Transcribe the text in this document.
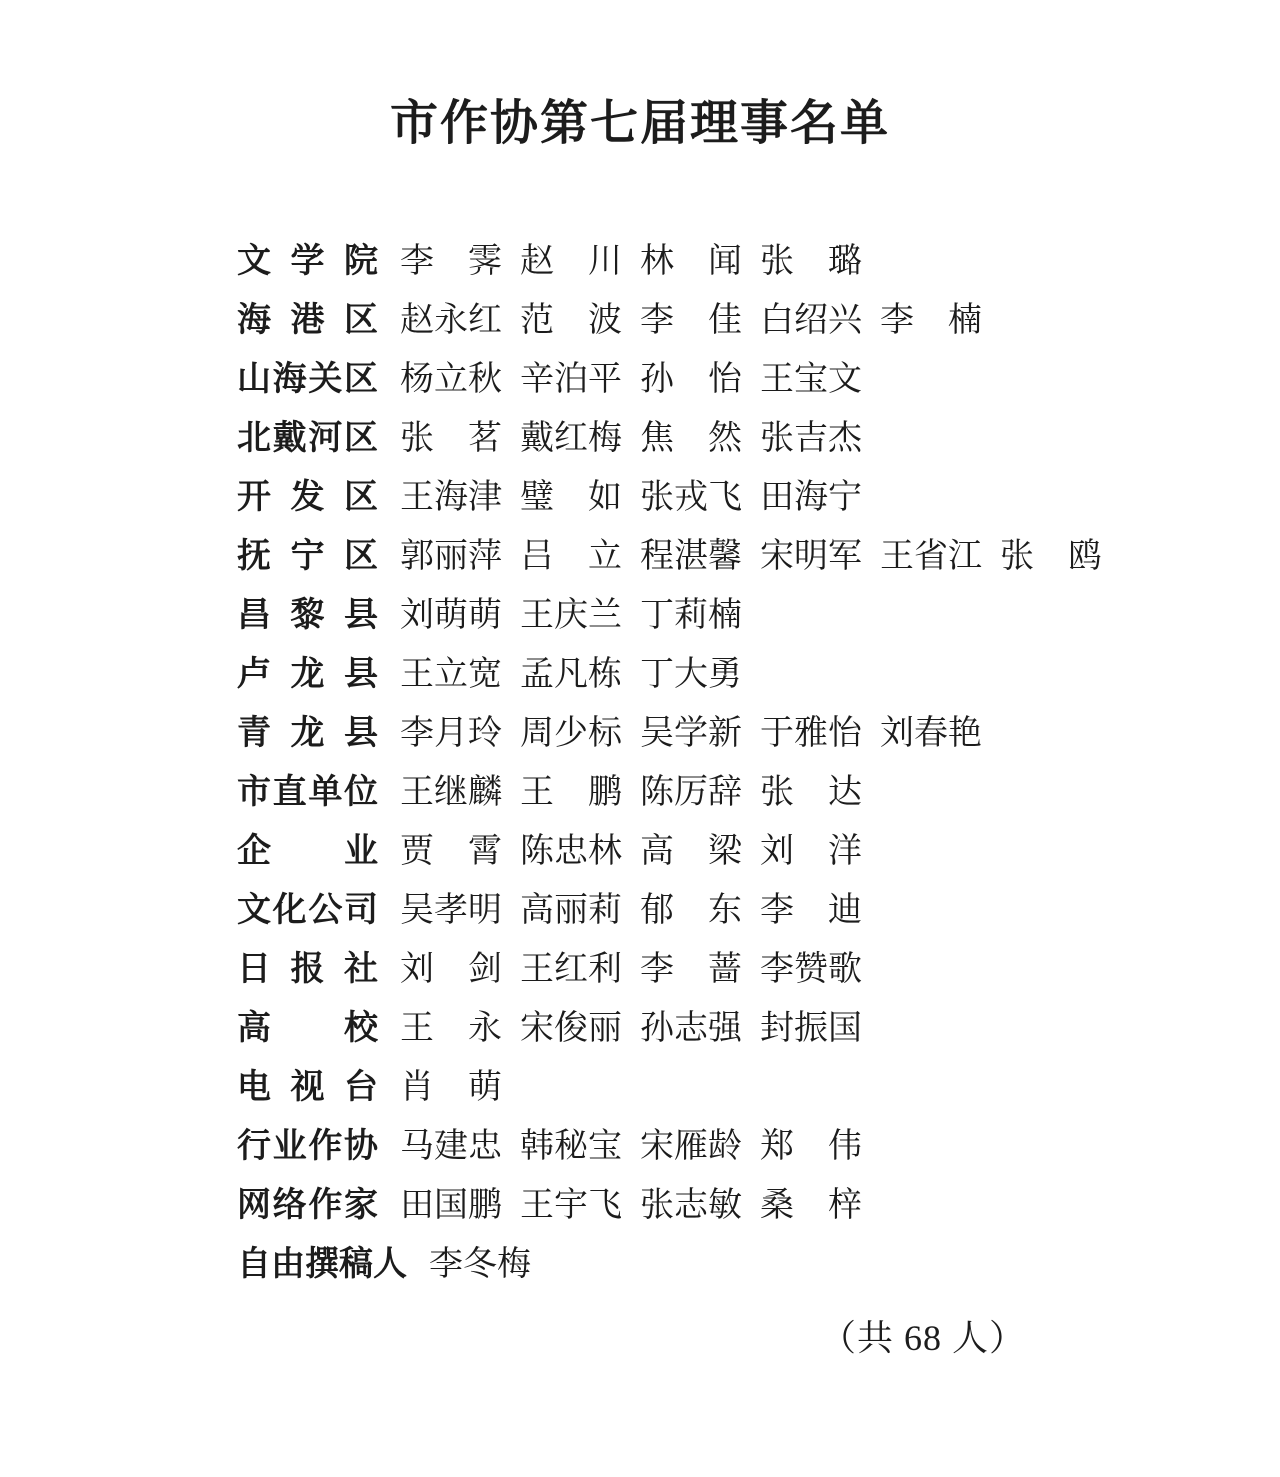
市作协第七届理事名单
文学院 李　霁 赵　川 林　闻 张　璐
海港区 赵永红 范　波 李　佳 白绍兴 李　楠
山海关区 杨立秋 辛泊平 孙　怡 王宝文
北戴河区 张　茗 戴红梅 焦　然 张吉杰
开发区 王海津 璧　如 张戎飞 田海宁
抚宁区 郭丽萍 吕　立 程湛馨 宋明军 王省江 张　鸥
昌黎县 刘萌萌 王庆兰 丁莉楠
卢龙县 王立宽 孟凡栋 丁大勇
青龙县 李月玲 周少标 吴学新 于雅怡 刘春艳
市直单位 王继麟 王　鹏 陈厉辞 张　达
企业 贾　霄 陈忠林 高　梁 刘　洋
文化公司 吴孝明 高丽莉 郁　东 李　迪
日报社 刘　剑 王红利 李　蔷 李赞歌
高校 王　永 宋俊丽 孙志强 封振国
电视台 肖　萌
行业作协 马建忠 韩秘宝 宋雁龄 郑　伟
网络作家 田国鹏 王宇飞 张志敏 桑　梓
自由撰稿人 李冬梅
（共 68 人）
